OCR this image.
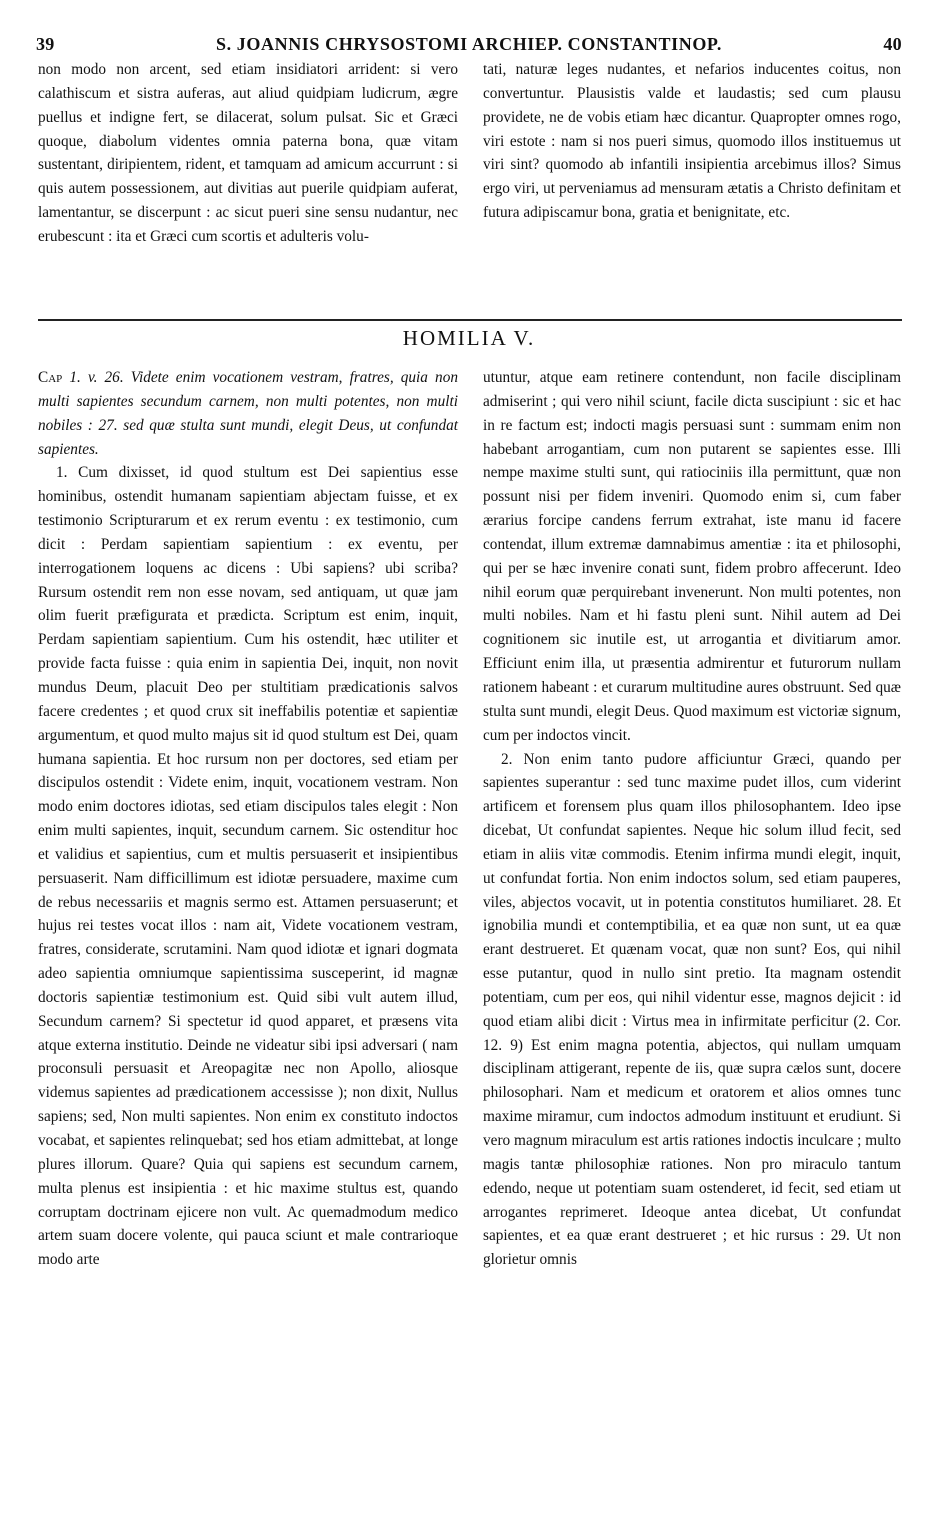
39	S. JOANNIS CHRYSOSTOMI ARCHIEP. CONSTANTINOP.	40

non modo non arcent, sed etiam insidiatori arrident: si vero calathiscum et sistra auferas, aut aliud quidpiam ludicrum, ægre puellus et indigne fert, se dilacerat, solum pulsat. Sic et Græci quoque, diabolum videntes omnia paterna bona, quæ vitam sustentant, diripientem, rident, et tamquam ad amicum accurrunt : si quis autem possessionem, aut divitias aut puerile quidpiam auferat, lamentantur, se discerpunt : ac sicut pueri sine sensu nudantur, nec erubescunt : ita et Græci cum scortis et adulteris volu-

tati, naturæ leges nudantes, et nefarios inducentes coitus, non convertuntur. Plausistis valde et laudastis; sed cum plausu providete, ne de vobis etiam hæc dicantur. Quapropter omnes rogo, viri estote : nam si nos pueri simus, quomodo illos instituemus ut viri sint? quomodo ab infantili insipientia arcebimus illos? Simus ergo viri, ut perveniamus ad mensuram ætatis a Christo definitam et futura adipiscamur bona, gratia et benignitate, etc.

HOMILIA V.

Cap 1. v. 26. Videte enim vocationem vestram, fratres, quia non multi sapientes secundum carnem, non multi potentes, non multi nobiles : 27. sed quæ stulta sunt mundi, elegit Deus, ut confundat sapientes.

1. Cum dixisset, id quod stultum est Dei sapientius esse hominibus, ostendit humanam sapientiam abjectam fuisse, et ex testimonio Scripturarum et ex rerum eventu : ex testimonio, cum dicit : Perdam sapientiam sapientium : ex eventu, per interrogationem loquens ac dicens : Ubi sapiens? ubi scriba? Rursum ostendit rem non esse novam, sed antiquam, ut quæ jam olim fuerit præfigurata et prædicta. Scriptum est enim, inquit, Perdam sapientiam sapientium. Cum his ostendit, hæc utiliter et provide facta fuisse : quia enim in sapientia Dei, inquit, non novit mundus Deum, placuit Deo per stultitiam prædicationis salvos facere credentes ; et quod crux sit ineffabilis potentiæ et sapientiæ argumentum, et quod multo majus sit id quod stultum est Dei, quam humana sapientia. Et hoc rursum non per doctores, sed etiam per discipulos ostendit : Videte enim, inquit, vocationem vestram. Non modo enim doctores idiotas, sed etiam discipulos tales elegit : Non enim multi sapientes, inquit, secundum carnem. Sic ostenditur hoc et validius et sapientius, cum et multis persuaserit et insipientibus persuaserit. Nam difficillimum est idiotæ persuadere, maxime cum de rebus necessariis et magnis sermo est. Attamen persuaserunt; et hujus rei testes vocat illos : nam ait, Videte vocationem vestram, fratres, considerate, scrutamini. Nam quod idiotæ et ignari dogmata adeo sapientia omniumque sapientissima susceperint, id magnæ doctoris sapientiæ testimonium est. Quid sibi vult autem illud, Secundum carnem? Si spectetur id quod apparet, et præsens vita atque externa institutio. Deinde ne videatur sibi ipsi adversari ( nam proconsuli persuasit et Areopagitæ nec non Apollo, aliosque videmus sapientes ad prædicationem accessisse ); non dixit, Nullus sapiens; sed, Non multi sapientes. Non enim ex constituto indoctos vocabat, et sapientes relinquebat; sed hos etiam admittebat, at longe plures illorum. Quare? Quia qui sapiens est secundum carnem, multa plenus est insipientia : et hic maxime stultus est, quando corruptam doctrinam ejicere non vult. Ac quemadmodum medico artem suam docere volente, qui pauca sciunt et male contrarioque modo arte

utuntur, atque eam retinere contendunt, non facile disciplinam admiserint ; qui vero nihil sciunt, facile dicta suscipiunt : sic et hac in re factum est; indocti magis persuasi sunt : summam enim non habebant arrogantiam, cum non putarent se sapientes esse. Illi nempe maxime stulti sunt, qui ratiociniis illa permittunt, quæ non possunt nisi per fidem inveniri. Quomodo enim si, cum faber ærarius forcipe candens ferrum extrahat, iste manu id facere contendat, illum extremæ damnabimus amentiæ : ita et philosophi, qui per se hæc invenire conati sunt, fidem probro affecerunt. Ideo nihil eorum quæ perquirebant invenerunt. Non multi potentes, non multi nobiles. Nam et hi fastu pleni sunt. Nihil autem ad Dei cognitionem sic inutile est, ut arrogantia et divitiarum amor. Efficiunt enim illa, ut præsentia admirentur et futurorum nullam rationem habeant : et curarum multitudine aures obstruunt. Sed quæ stulta sunt mundi, elegit Deus. Quod maximum est victoriæ signum, cum per indoctos vincit.

2. Non enim tanto pudore afficiuntur Græci, quando per sapientes superantur : sed tunc maxime pudet illos, cum viderint artificem et forensem plus quam illos philosophantem. Ideo ipse dicebat, Ut confundat sapientes. Neque hic solum illud fecit, sed etiam in aliis vitæ commodis. Etenim infirma mundi elegit, inquit, ut confundat fortia. Non enim indoctos solum, sed etiam pauperes, viles, abjectos vocavit, ut in potentia constitutos humiliaret. 28. Et ignobilia mundi et contemptibilia, et ea quæ non sunt, ut ea quæ erant destrueret. Et quænam vocat, quæ non sunt? Eos, qui nihil esse putantur, quod in nullo sint pretio. Ita magnam ostendit potentiam, cum per eos, qui nihil videntur esse, magnos dejicit : id quod etiam alibi dicit : Virtus mea in infirmitate perficitur (2. Cor. 12. 9) Est enim magna potentia, abjectos, qui nullam umquam disciplinam attigerant, repente de iis, quæ supra cælos sunt, docere philosophari. Nam et medicum et oratorem et alios omnes tunc maxime miramur, cum indoctos admodum instituunt et erudiunt. Si vero magnum miraculum est artis rationes indoctis inculcare ; multo magis tantæ philosophiæ rationes. Non pro miraculo tantum edendo, neque ut potentiam suam ostenderet, id fecit, sed etiam ut arrogantes reprimeret. Ideoque antea dicebat, Ut confundat sapientes, et ea quæ erant destrueret ; et hic rursus : 29. Ut non glorietur omnis
